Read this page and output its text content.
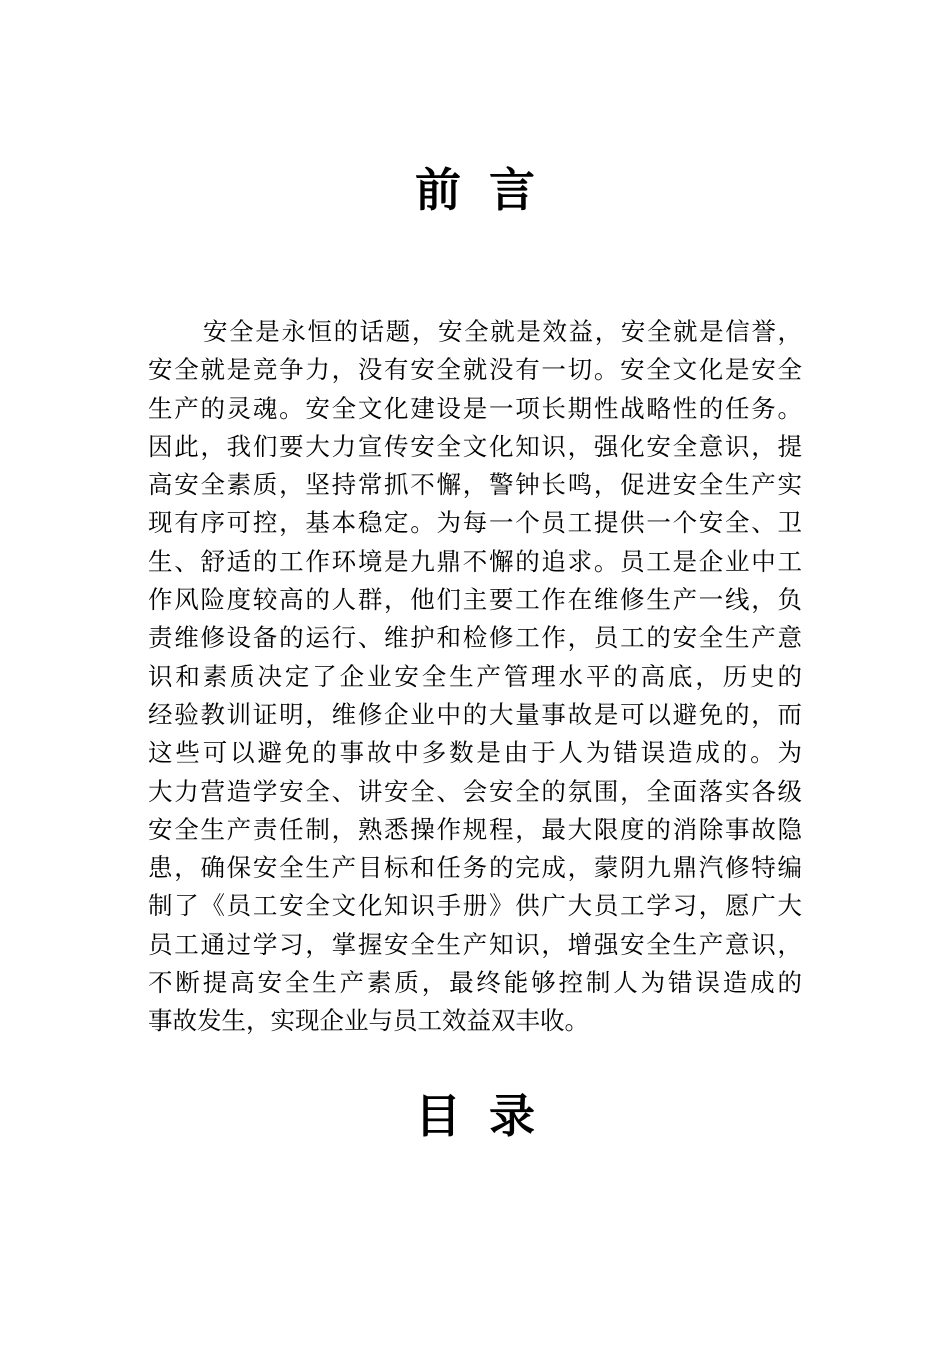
前言
安全是永恒的话题，安全就是效益，安全就是信誉，
安全就是竞争力，没有安全就没有一切。安全文化是安全
生产的灵魂。安全文化建设是一项长期性战略性的任务。
因此，我们要大力宣传安全文化知识，强化安全意识，提
高安全素质，坚持常抓不懈，警钟长鸣，促进安全生产实
现有序可控，基本稳定。为每一个员工提供一个安全、卫
生、舒适的工作环境是九鼎不懈的追求。员工是企业中工
作风险度较高的人群，他们主要工作在维修生产一线，负
责维修设备的运行、维护和检修工作，员工的安全生产意
识和素质决定了企业安全生产管理水平的高底，历史的
经验教训证明，维修企业中的大量事故是可以避免的，而
这些可以避免的事故中多数是由于人为错误造成的。为
大力营造学安全、讲安全、会安全的氛围，全面落实各级
安全生产责任制，熟悉操作规程，最大限度的消除事故隐
患，确保安全生产目标和任务的完成，蒙阴九鼎汽修特编
制了《员工安全文化知识手册》供广大员工学习，愿广大
员工通过学习，掌握安全生产知识，增强安全生产意识，
不断提高安全生产素质，最终能够控制人为错误造成的
事故发生，实现企业与员工效益双丰收。
目录
